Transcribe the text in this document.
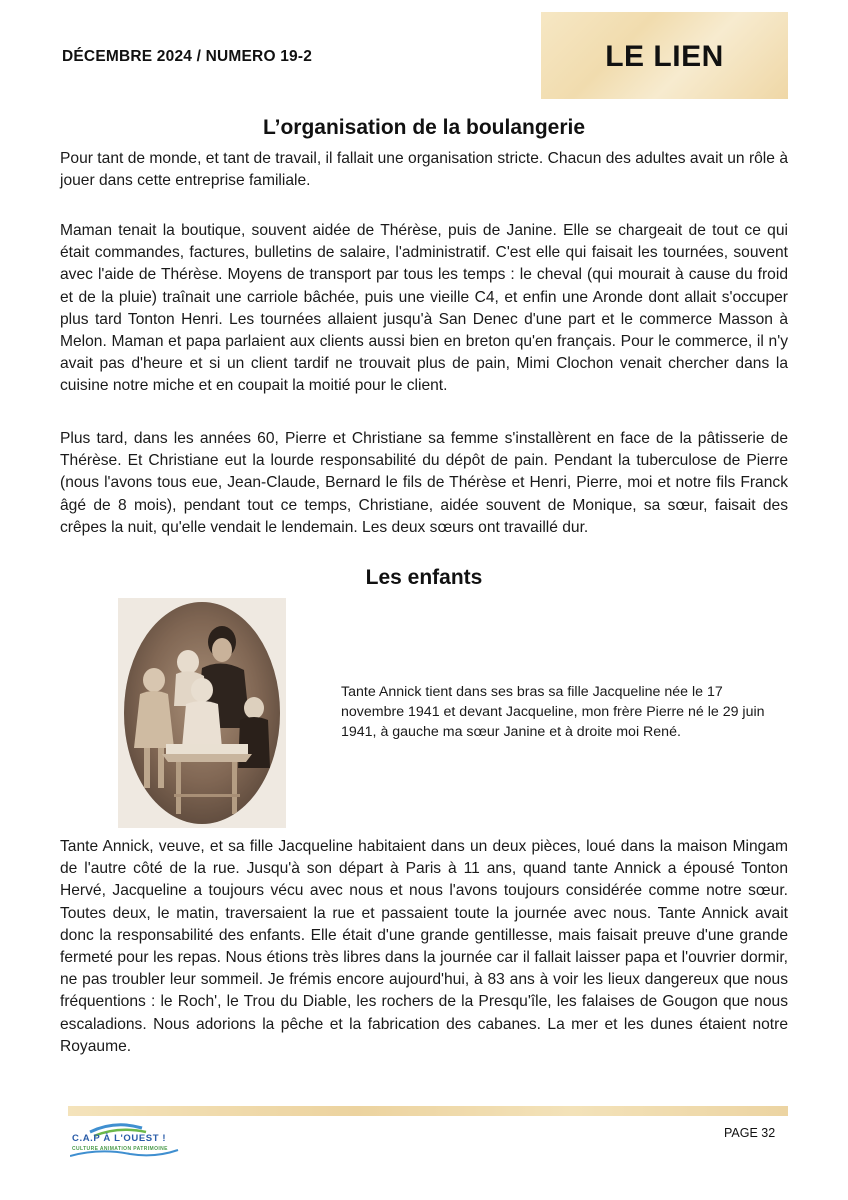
DÉCEMBRE 2024 / NUMERO 19-2	LE LIEN
L’organisation de la boulangerie

Pour tant de monde, et tant de travail, il fallait une organisation stricte. Chacun des adultes avait un rôle à jouer dans cette entreprise familiale.

Maman tenait la boutique, souvent aidée de Thérèse, puis de Janine. Elle se chargeait de tout ce qui était commandes, factures, bulletins de salaire, l'administratif. C'est elle qui faisait les tournées, souvent avec l'aide de Thérèse. Moyens de transport par tous les temps : le cheval (qui mourait à cause du froid et de la pluie) traînait une carriole bâchée, puis une vieille C4, et enfin une Aronde dont allait s'occuper plus tard Tonton Henri. Les tournées allaient jusqu'à San Denec d'une part et le commerce Masson à Melon. Maman et papa parlaient aux clients aussi bien en breton qu'en français. Pour le commerce, il n'y avait pas d'heure et si un client tardif ne trouvait plus de pain, Mimi Clochon venait chercher dans la cuisine notre miche et en coupait la moitié pour le client.

Plus tard, dans les années 60, Pierre et Christiane sa femme s'installèrent en face de la pâtisserie de Thérèse. Et Christiane eut la lourde responsabilité du dépôt de pain. Pendant la tuberculose de Pierre (nous l'avons tous eue, Jean-Claude, Bernard le fils de Thérèse et Henri, Pierre, moi et notre fils Franck âgé de 8 mois), pendant tout ce temps, Christiane, aidée souvent de Monique, sa sœur, faisait des crêpes la nuit, qu'elle vendait le lendemain. Les deux sœurs ont travaillé dur.

Les enfants

Tante Annick tient dans ses bras sa fille Jacqueline née le 17 novembre 1941 et devant Jacqueline, mon frère Pierre né le 29 juin 1941, à gauche ma sœur Janine et à droite moi René.

Tante Annick, veuve, et sa fille Jacqueline habitaient dans un deux pièces, loué dans la maison Mingam de l'autre côté de la rue. Jusqu'à son départ à Paris à 11 ans, quand tante Annick a épousé Tonton Hervé, Jacqueline a toujours vécu avec nous et nous l'avons toujours considérée comme notre sœur. Toutes deux, le matin, traversaient la rue et passaient toute la journée avec nous. Tante Annick avait donc la responsabilité des enfants. Elle était d'une grande gentillesse, mais faisait preuve d'une grande fermeté pour les repas. Nous étions très libres dans la journée car il fallait laisser papa et l'ouvrier dormir, ne pas troubler leur sommeil. Je frémis encore aujourd'hui, à 83 ans à voir les lieux dangereux que nous fréquentions : le Roch', le Trou du Diable, les rochers de la Presqu'île, les falaises de Gougon que nous escaladions. Nous adorions la pêche et la fabrication des cabanes. La mer et les dunes étaient notre Royaume.

C.A.P À L'OUEST !
CULTURE ANIMATION PATRIMOINE
PAGE 32
